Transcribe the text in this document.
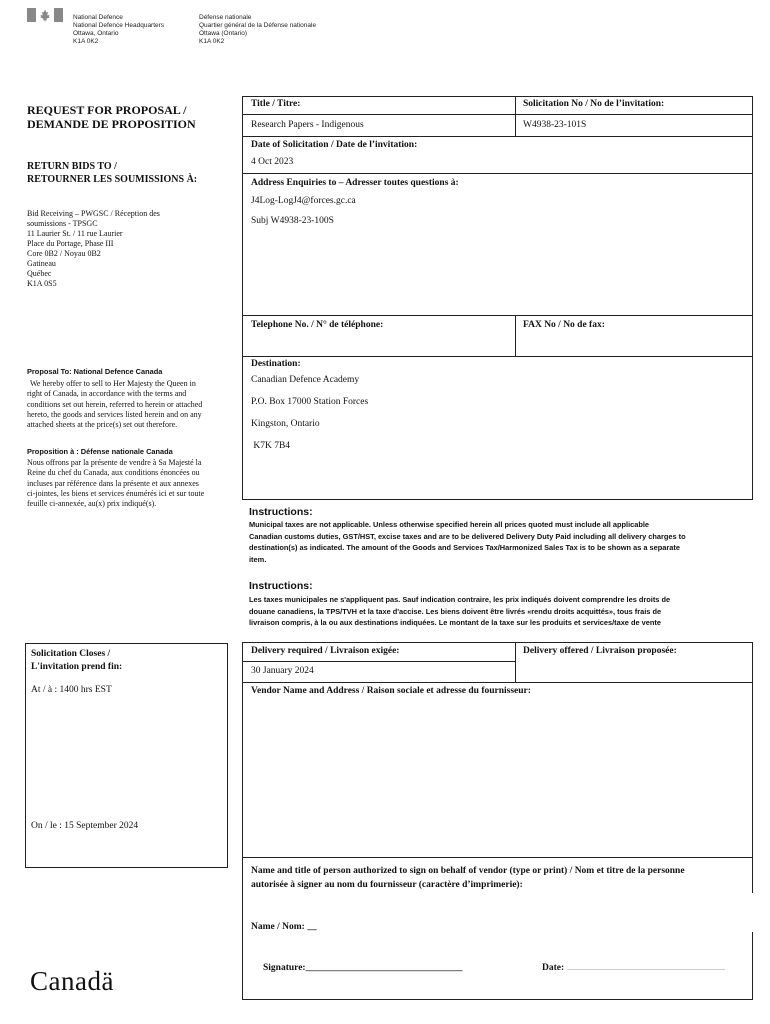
National Defence
National Defence Headquarters
Ottawa, Ontario
K1A 0K2
Défense nationale
Quartier général de la Défense nationale
Ottawa (Ontario)
K1A 0K2
REQUEST FOR PROPOSAL /
DEMANDE DE PROPOSITION
RETURN BIDS TO /
RETOURNER LES SOUMISSIONS À:
Bid Receiving – PWGSC / Réception des
soumissions - TPSGC
11 Laurier St. / 11 rue Laurier
Place du Portage, Phase III
Core 0B2 / Noyau 0B2
Gatineau
Québec
K1A 0S5
Proposal To: National Defence Canada
We hereby offer to sell to Her Majesty the Queen in
right of Canada, in accordance with the terms and
conditions set out herein, referred to herein or attached
hereto, the goods and services listed herein and on any
attached sheets at the price(s) set out therefore.
Proposition à : Défense nationale Canada
Nous offrons par la présente de vendre à Sa Majesté la
Reine du chef du Canada, aux conditions énoncées ou
incluses par référence dans la présente et aux annexes
ci-jointes, les biens et services énumérés ici et sur toute
feuille ci-annexée, au(x) prix indiqué(s).
Solicitation Closes /
L'invitation prend fin:
At / à : 1400 hrs EST
On / le : 15 September 2024
Canadä
Title / Titre:
Research Papers - Indigenous
Solicitation No / No de l’invitation:
W4938-23-101S
Date of Solicitation / Date de l’invitation:
4 Oct 2023
Address Enquiries to – Adresser toutes questions à:
J4Log-LogJ4@forces.gc.ca
Subj W4938-23-100S
Telephone No. / N° de téléphone:	FAX No / No de fax:
Destination:
Canadian Defence Academy
P.O. Box 17000 Station Forces
Kingston, Ontario
K7K 7B4
Instructions:
Municipal taxes are not applicable. Unless otherwise specified herein all prices quoted must include all applicable
Canadian customs duties, GST/HST, excise taxes and are to be delivered Delivery Duty Paid including all delivery charges to
destination(s) as indicated. The amount of the Goods and Services Tax/Harmonized Sales Tax is to be shown as a separate
item.
Instructions:
Les taxes municipales ne s'appliquent pas. Sauf indication contraire, les prix indiqués doivent comprendre les droits de
douane canadiens, la TPS/TVH et la taxe d'accise. Les biens doivent être livrés «rendu droits acquittés», tous frais de
livraison compris, à la ou aux destinations indiquées. Le montant de la taxe sur les produits et services/taxe de vente
Delivery required / Livraison exigée:
30 January 2024
Delivery offered / Livraison proposée:
Vendor Name and Address / Raison sociale et adresse du fournisseur:
Name and title of person authorized to sign on behalf of vendor (type or print) / Nom et titre de la personne
autorisée à signer au nom du fournisseur (caractère d’imprimerie):
Name / Nom: __
Signature:_________________________________	Date: _________________________________
